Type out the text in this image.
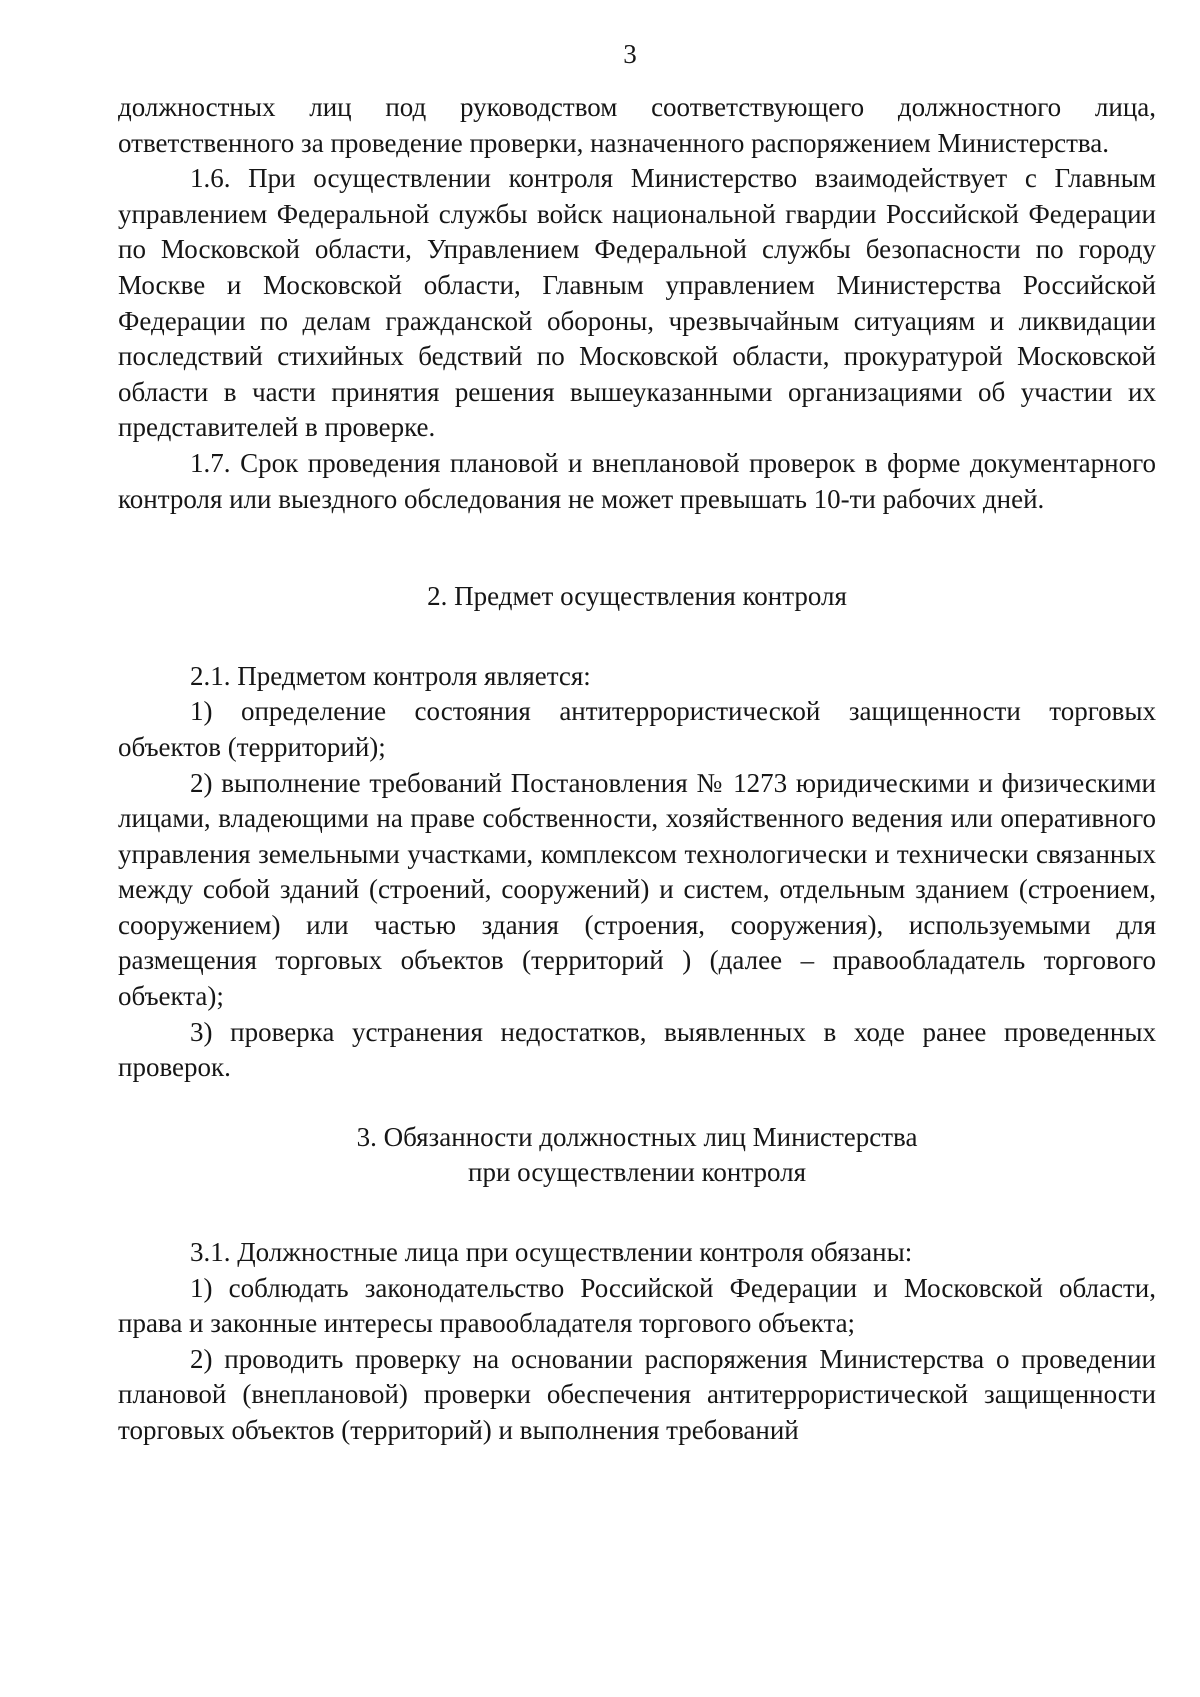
3

должностных лиц под руководством соответствующего должностного лица, ответственного за проведение проверки, назначенного распоряжением Министерства.

1.6. При осуществлении контроля Министерство взаимодействует с Главным управлением Федеральной службы войск национальной гвардии Российской Федерации по Московской области, Управлением Федеральной службы безопасности по городу Москве и Московской области, Главным управлением Министерства Российской Федерации по делам гражданской обороны, чрезвычайным ситуациям и ликвидации последствий стихийных бедствий по Московской области, прокуратурой Московской области в части принятия решения вышеуказанными организациями об участии их представителей в проверке.

1.7. Срок проведения плановой и внеплановой проверок в форме документарного контроля или выездного обследования не может превышать 10-ти рабочих дней.

2. Предмет осуществления контроля

2.1. Предметом контроля является:

1) определение состояния антитеррористической защищенности торговых объектов (территорий);

2) выполнение требований Постановления № 1273 юридическими и физическими лицами, владеющими на праве собственности, хозяйственного ведения или оперативного управления земельными участками, комплексом технологически и технически связанных между собой зданий (строений, сооружений) и систем, отдельным зданием (строением, сооружением) или частью здания (строения, сооружения), используемыми для размещения торговых объектов (территорий ) (далее – правообладатель торгового объекта);

3) проверка устранения недостатков, выявленных в ходе ранее проведенных проверок.

3. Обязанности должностных лиц Министерства

при осуществлении контроля

3.1. Должностные лица при осуществлении контроля обязаны:

1) соблюдать законодательство Российской Федерации и Московской области, права и законные интересы правообладателя торгового объекта;

2) проводить проверку на основании распоряжения Министерства о проведении плановой (внеплановой) проверки обеспечения антитеррористической защищенности торговых объектов (территорий) и выполнения требований
